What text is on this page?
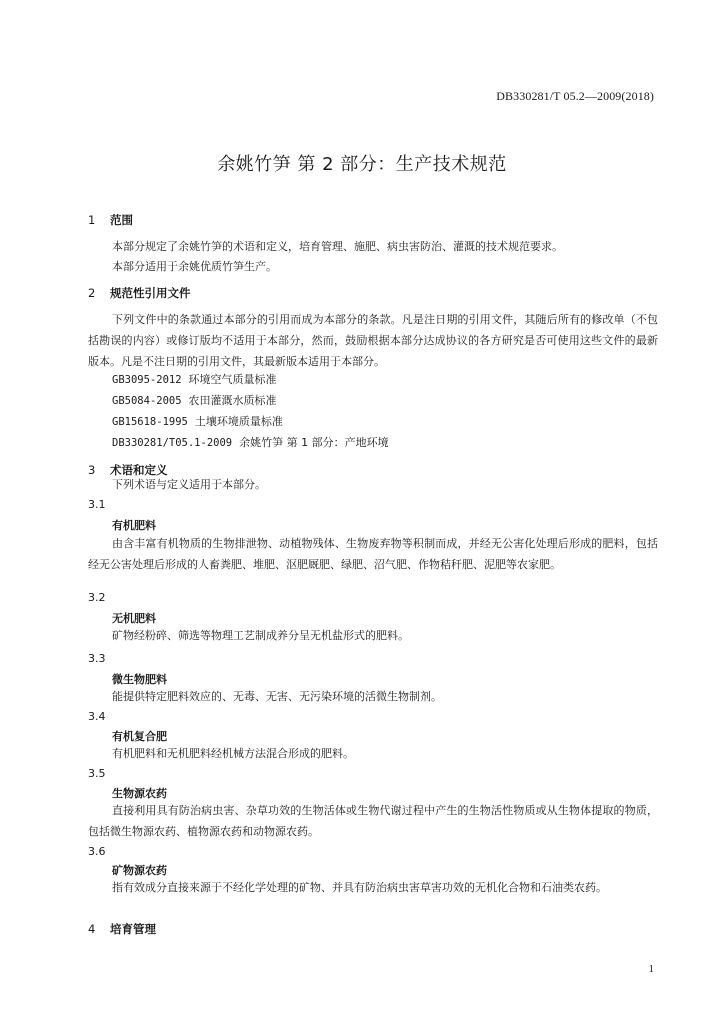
DB330281/T 05.2—2009(2018)
余姚竹笋 第 2 部分：生产技术规范
1 范围
本部分规定了余姚竹笋的术语和定义，培育管理、施肥、病虫害防治、灌溉的技术规范要求。
本部分适用于余姚优质竹笋生产。
2 规范性引用文件
下列文件中的条款通过本部分的引用而成为本部分的条款。凡是注日期的引用文件，其随后所有的修改单（不包括勘误的内容）或修订版均不适用于本部分，然而，鼓励根据本部分达成协议的各方研究是否可使用这些文件的最新版本。凡是不注日期的引用文件，其最新版本适用于本部分。
GB3095-2012 环境空气质量标准
GB5084-2005 农田灌溉水质标准
GB15618-1995 土壤环境质量标准
DB330281/T05.1-2009 余姚竹笋 第 1 部分：产地环境
3 术语和定义
下列术语与定义适用于本部分。
3.1
有机肥料
由含丰富有机物质的生物排泄物、动植物残体、生物废弃物等积制而成，并经无公害化处理后形成的肥料，包括经无公害处理后形成的人畜粪肥、堆肥、沤肥厩肥、绿肥、沼气肥、作物秸秆肥、泥肥等农家肥。
3.2
无机肥料
矿物经粉碎、筛选等物理工艺制成养分呈无机盐形式的肥料。
3.3
微生物肥料
能提供特定肥料效应的、无毒、无害、无污染环境的活微生物制剂。
3.4
有机复合肥
有机肥料和无机肥料经机械方法混合形成的肥料。
3.5
生物源农药
直接利用具有防治病虫害、杂草功效的生物活体或生物代谢过程中产生的生物活性物质或从生物体提取的物质，包括微生物源农药、植物源农药和动物源农药。
3.6
矿物源农药
指有效成分直接来源于不经化学处理的矿物、并具有防治病虫害草害功效的无机化合物和石油类农药。
4 培育管理
1
